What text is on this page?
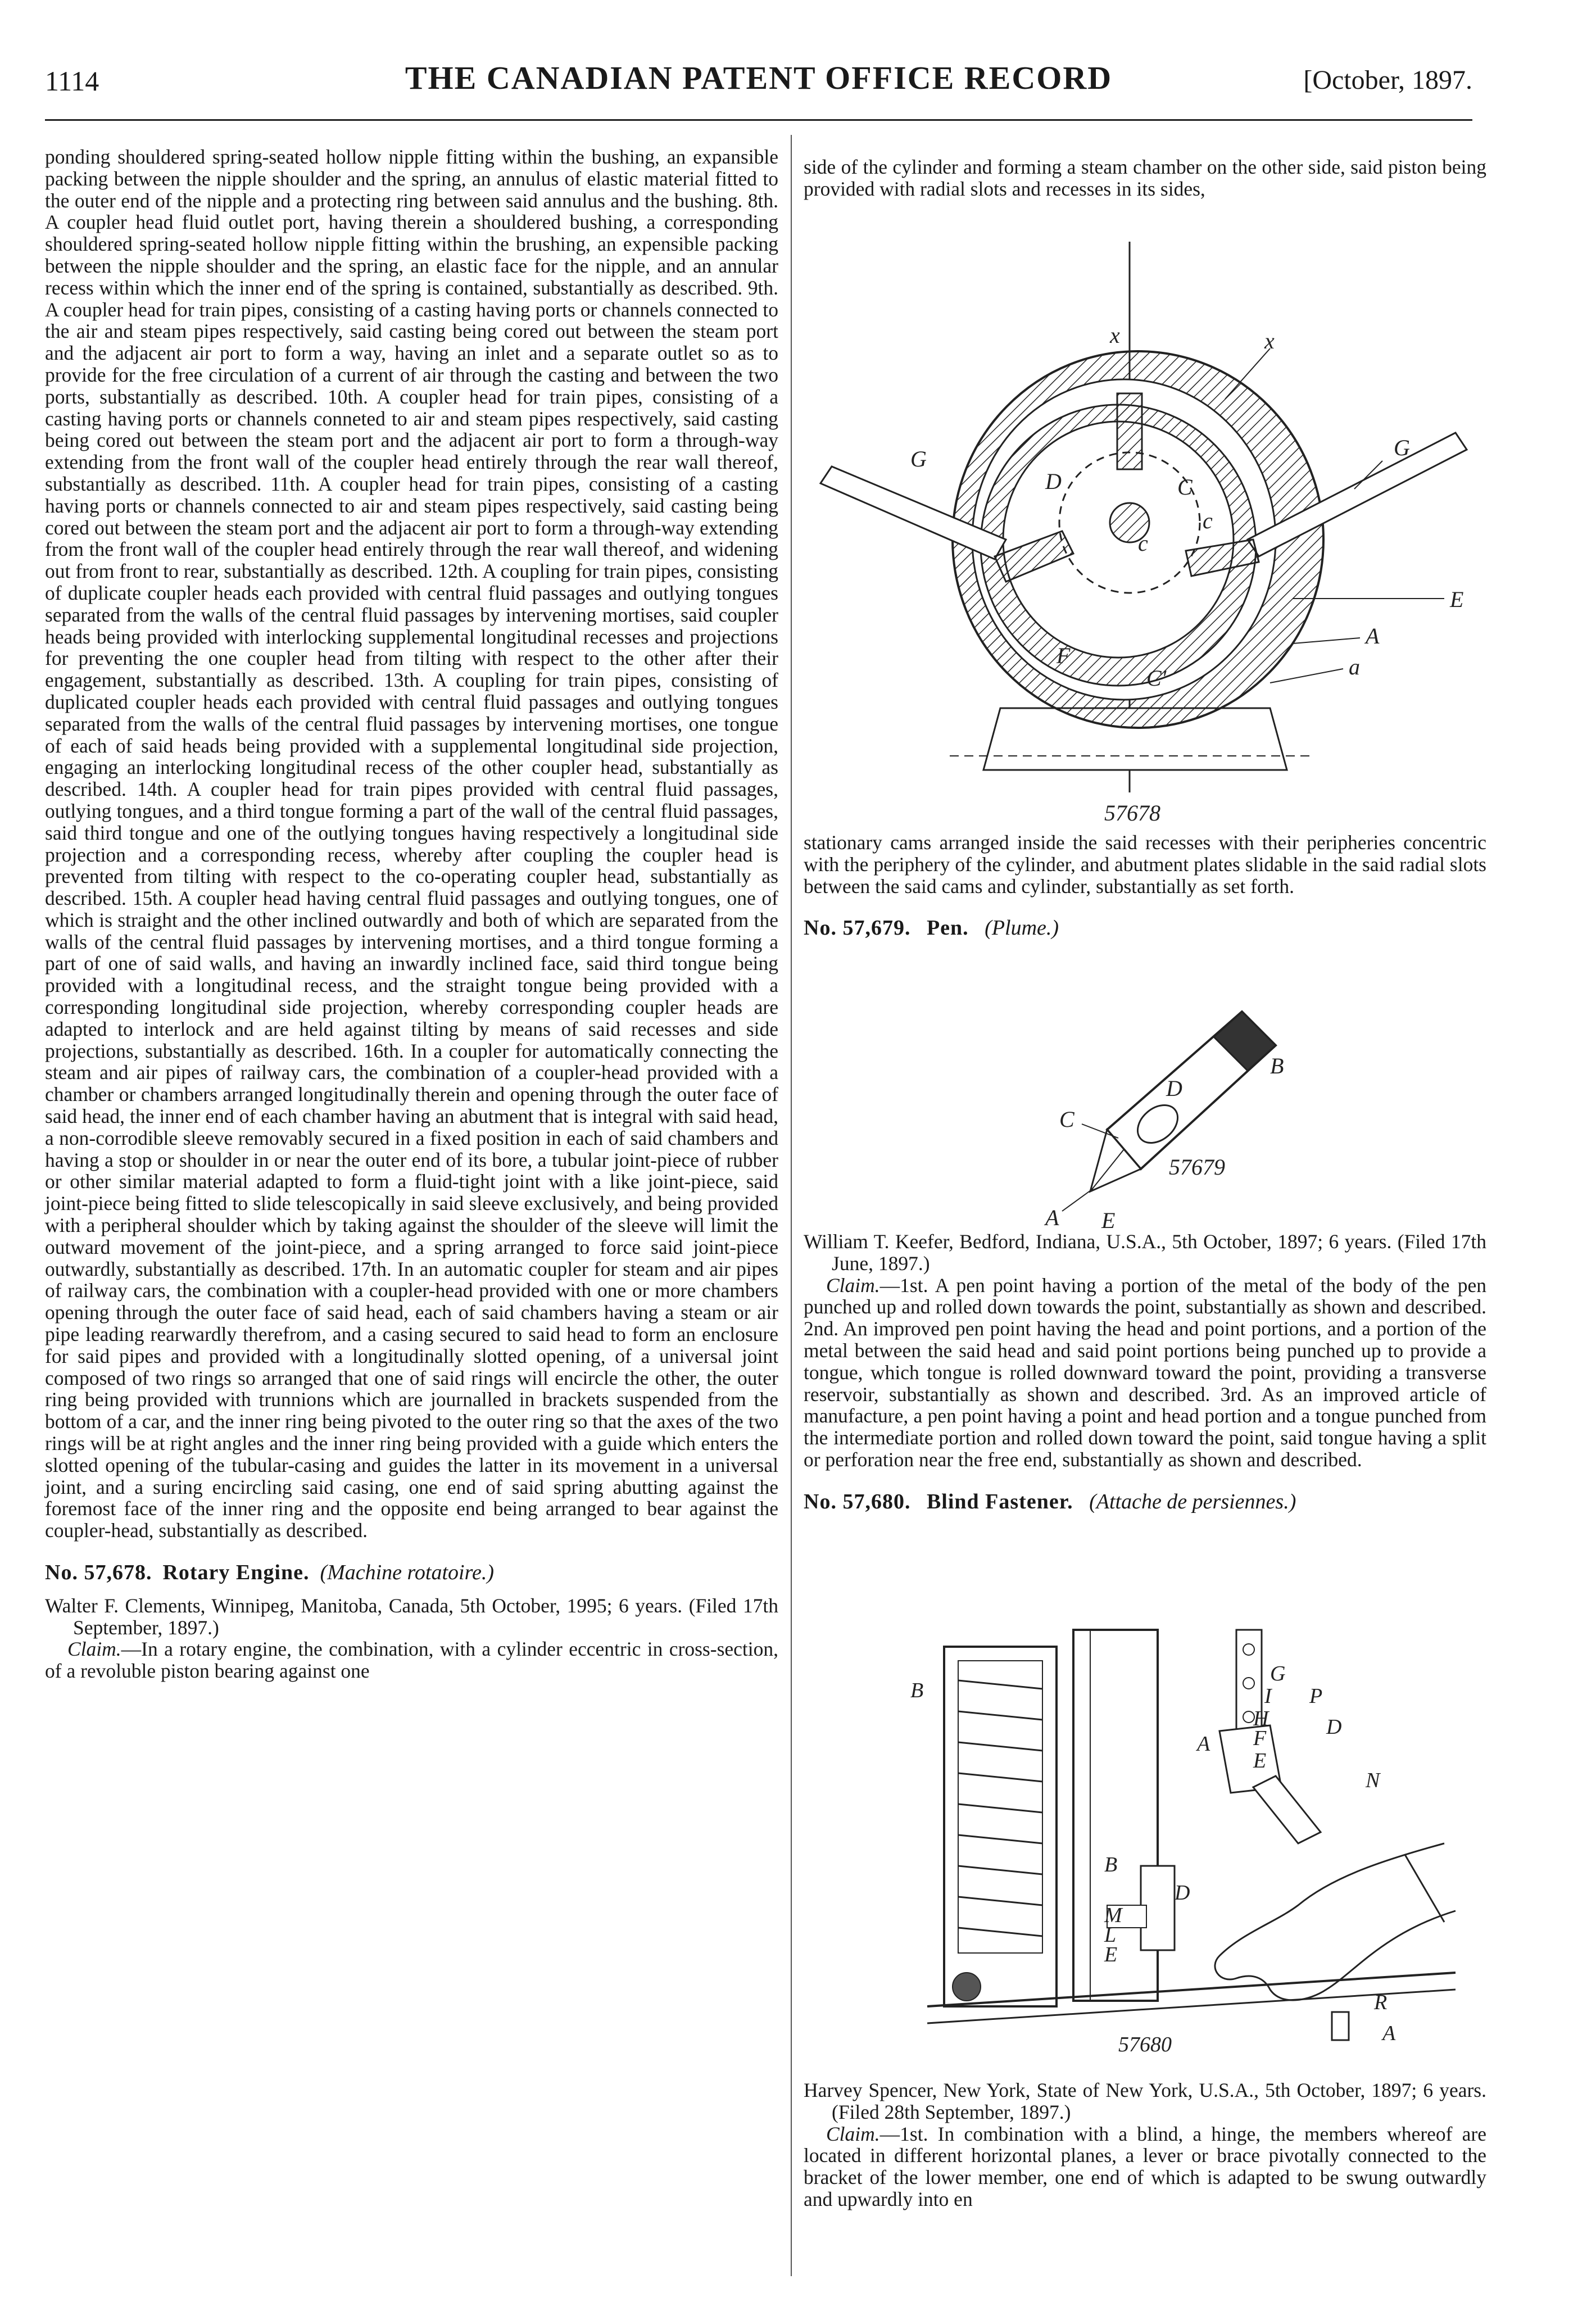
1114	THE CANADIAN PATENT OFFICE RECORD	[October, 1897.

ponding shouldered spring-seated hollow nipple fitting within the bushing, an expansible packing between the nipple shoulder and the spring, an annulus of elastic material fitted to the outer end of the nipple and a protecting ring between said annulus and the bushing. 8th. A coupler head fluid outlet port, having therein a shouldered bushing, a corresponding shouldered spring-seated hollow nipple fitting within the brushing, an expensible packing between the nipple shoulder and the spring, an elastic face for the nipple, and an annular recess within which the inner end of the spring is contained, substantially as described. 9th. A coupler head for train pipes, consisting of a casting having ports or channels connected to the air and steam pipes respectively, said casting being cored out between the steam port and the adjacent air port to form a way, having an inlet and a separate outlet so as to provide for the free circulation of a current of air through the casting and between the two ports, substantially as described. 10th. A coupler head for train pipes, consisting of a casting having ports or channels conneted to air and steam pipes respectively, said casting being cored out between the steam port and the adjacent air port to form a through-way extending from the front wall of the coupler head entirely through the rear wall thereof, substantially as described. 11th. A coupler head for train pipes, consisting of a casting having ports or channels connected to air and steam pipes respectively, said casting being cored out between the steam port and the adjacent air port to form a through-way extending from the front wall of the coupler head entirely through the rear wall thereof, and widening out from front to rear, substantially as described. 12th. A coupling for train pipes, consisting of duplicate coupler heads each provided with central fluid passages and outlying tongues separated from the walls of the central fluid passages by intervening mortises, said coupler heads being provided with interlocking supplemental longitudinal recesses and projections for preventing the one coupler head from tilting with respect to the other after their engagement, substantially as described. 13th. A coupling for train pipes, consisting of duplicated coupler heads each provided with central fluid passages and outlying tongues separated from the walls of the central fluid passages by intervening mortises, one tongue of each of said heads being provided with a supplemental longitudinal side projection, engaging an interlocking longitudinal recess of the other coupler head, substantially as described. 14th. A coupler head for train pipes provided with central fluid passages, outlying tongues, and a third tongue forming a part of the wall of the central fluid passages, said third tongue and one of the outlying tongues having respectively a longitudinal side projection and a corresponding recess, whereby after coupling the coupler head is prevented from tilting with respect to the co-operating coupler head, substantially as described. 15th. A coupler head having central fluid passages and outlying tongues, one of which is straight and the other inclined outwardly and both of which are separated from the walls of the central fluid passages by intervening mortises, and a third tongue forming a part of one of said walls, and having an inwardly inclined face, said third tongue being provided with a longitudinal recess, and the straight tongue being provided with a corresponding longitudinal side projection, whereby corresponding coupler heads are adapted to interlock and are held against tilting by means of said recesses and side projections, substantially as described. 16th. In a coupler for automatically connecting the steam and air pipes of railway cars, the combination of a coupler-head provided with a chamber or chambers arranged longitudinally therein and opening through the outer face of said head, the inner end of each chamber having an abutment that is integral with said head, a non-corrodible sleeve removably secured in a fixed position in each of said chambers and having a stop or shoulder in or near the outer end of its bore, a tubular joint-piece of rubber or other similar material adapted to form a fluid-tight joint with a like joint-piece, said joint-piece being fitted to slide telescopically in said sleeve exclusively, and being provided with a peripheral shoulder which by taking against the shoulder of the sleeve will limit the outward movement of the joint-piece, and a spring arranged to force said joint-piece outwardly, substantially as described. 17th. In an automatic coupler for steam and air pipes of railway cars, the combination with a coupler-head provided with one or more chambers opening through the outer face of said head, each of said chambers having a steam or air pipe leading rearwardly therefrom, and a casing secured to said head to form an enclosure for said pipes and provided with a longitudinally slotted opening, of a universal joint composed of two rings so arranged that one of said rings will encircle the other, the outer ring being provided with trunnions which are journalled in brackets suspended from the bottom of a car, and the inner ring being pivoted to the outer ring so that the axes of the two rings will be at right angles and the inner ring being provided with a guide which enters the slotted opening of the tubular-casing and guides the latter in its movement in a universal joint, and a suring encircling said casing, one end of said spring abutting against the foremost face of the inner ring and the opposite end being arranged to bear against the coupler-head, substantially as described.

No. 57,678. Rotary Engine. (Machine rotatoire.)

Walter F. Clements, Winnipeg, Manitoba, Canada, 5th October, 1995; 6 years. (Filed 17th September, 1897.)

Claim.—In a rotary engine, the combination, with a cylinder eccentric in cross-section, of a revoluble piston bearing against one

side of the cylinder and forming a steam chamber on the other side, said piston being provided with radial slots and recesses in its sides,

x	x
G	G
D	C
c
c
E
A
F
C'	a
57678

stationary cams arranged inside the said recesses with their peripheries concentric with the periphery of the cylinder, and abutment plates slidable in the said radial slots between the said cams and cylinder, substantially as set forth.

No. 57,679. Pen. (Plume.)

C
D
B
A E
57679

William T. Keefer, Bedford, Indiana, U.S.A., 5th October, 1897; 6 years. (Filed 17th June, 1897.)

Claim.—1st. A pen point having a portion of the metal of the body of the pen punched up and rolled down towards the point, substantially as shown and described. 2nd. An improved pen point having the head and point portions, and a portion of the metal between the said head and said point portions being punched up to provide a tongue, which tongue is rolled downward toward the point, providing a transverse reservoir, substantially as shown and described. 3rd. As an improved article of manufacture, a pen point having a point and head portion and a tongue punched from the intermediate portion and rolled down toward the point, said tongue having a split or perforation near the free end, substantially as shown and described.

No. 57,680. Blind Fastener. (Attache de persiennes.)

B
G
I P
H
F	D
A
E
N
B
D
M
L
E
R
A
57680

Harvey Spencer, New York, State of New York, U.S.A., 5th October, 1897; 6 years. (Filed 28th September, 1897.)

Claim.—1st. In combination with a blind, a hinge, the members whereof are located in different horizontal planes, a lever or brace pivotally connected to the bracket of the lower member, one end of which is adapted to be swung outwardly and upwardly into en
